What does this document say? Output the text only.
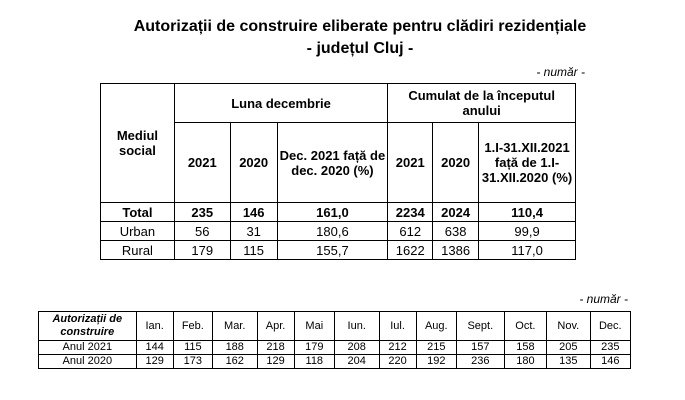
Autorizații de construire eliberate pentru clădiri rezidențiale
- județul Cluj -
- număr -
Mediul social	Luna decembrie			Cumulat de la începutul anului		
	2021	2020	Dec. 2021 față de dec. 2020 (%)	2021	2020	1.I-31.XII.2021 față de 1.I-31.XII.2020 (%)
Total	235	146	161,0	2234	2024	110,4
Urban	56	31	180,6	612	638	99,9
Rural	179	115	155,7	1622	1386	117,0
- număr -
Autorizații de construire	Ian.	Feb.	Mar.	Apr.	Mai	Iun.	Iul.	Aug.	Sept.	Oct.	Nov.	Dec.
Anul 2021	144	115	188	218	179	208	212	215	157	158	205	235
Anul 2020	129	173	162	129	118	204	220	192	236	180	135	146
